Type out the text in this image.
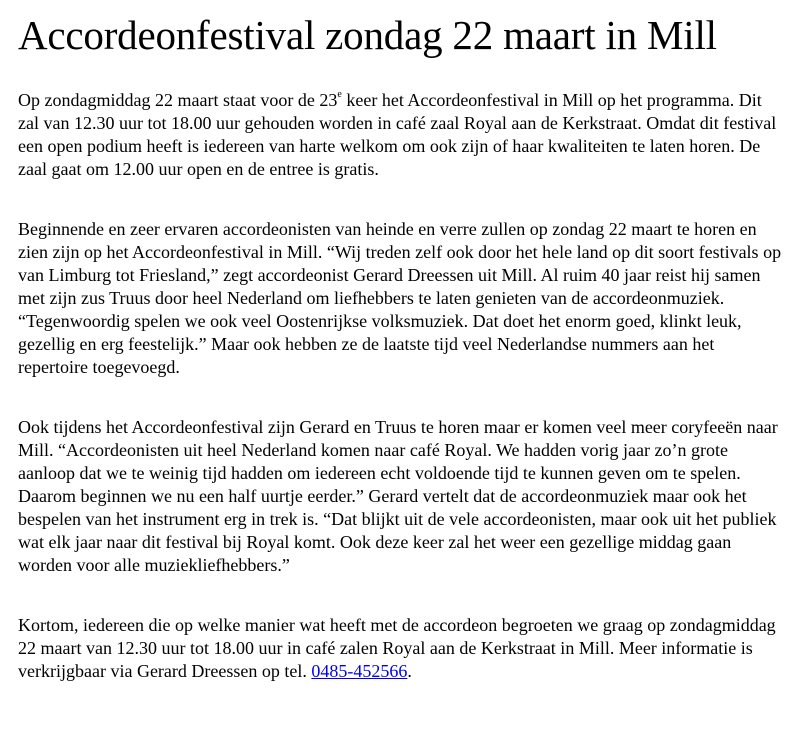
Accordeonfestival zondag 22 maart in Mill

Op zondagmiddag 22 maart staat voor de 23e keer het Accordeonfestival in Mill op het programma. Dit zal van 12.30 uur tot 18.00 uur gehouden worden in café zaal Royal aan de Kerkstraat. Omdat dit festival een open podium heeft is iedereen van harte welkom om ook zijn of haar kwaliteiten te laten horen. De zaal gaat om 12.00 uur open en de entree is gratis.

Beginnende en zeer ervaren accordeonisten van heinde en verre zullen op zondag 22 maart te horen en zien zijn op het Accordeonfestival in Mill. “Wij treden zelf ook door het hele land op dit soort festivals op van Limburg tot Friesland,” zegt accordeonist Gerard Dreessen uit Mill. Al ruim 40 jaar reist hij samen met zijn zus Truus door heel Nederland om liefhebbers te laten genieten van de accordeonmuziek. “Tegenwoordig spelen we ook veel Oostenrijkse volksmuziek. Dat doet het enorm goed, klinkt leuk, gezellig en erg feestelijk.” Maar ook hebben ze de laatste tijd veel Nederlandse nummers aan het repertoire toegevoegd.

Ook tijdens het Accordeonfestival zijn Gerard en Truus te horen maar er komen veel meer coryfeeën naar Mill. “Accordeonisten uit heel Nederland komen naar café Royal. We hadden vorig jaar zo’n grote aanloop dat we te weinig tijd hadden om iedereen echt voldoende tijd te kunnen geven om te spelen. Daarom beginnen we nu een half uurtje eerder.” Gerard vertelt dat de accordeonmuziek maar ook het bespelen van het instrument erg in trek is. “Dat blijkt uit de vele accordeonisten, maar ook uit het publiek wat elk jaar naar dit festival bij Royal komt. Ook deze keer zal het weer een gezellige middag gaan worden voor alle muziekliefhebbers.”

Kortom, iedereen die op welke manier wat heeft met de accordeon begroeten we graag op zondagmiddag 22 maart van 12.30 uur tot 18.00 uur in café zalen Royal aan de Kerkstraat in Mill. Meer informatie is verkrijgbaar via Gerard Dreessen op tel. 0485-452566.
